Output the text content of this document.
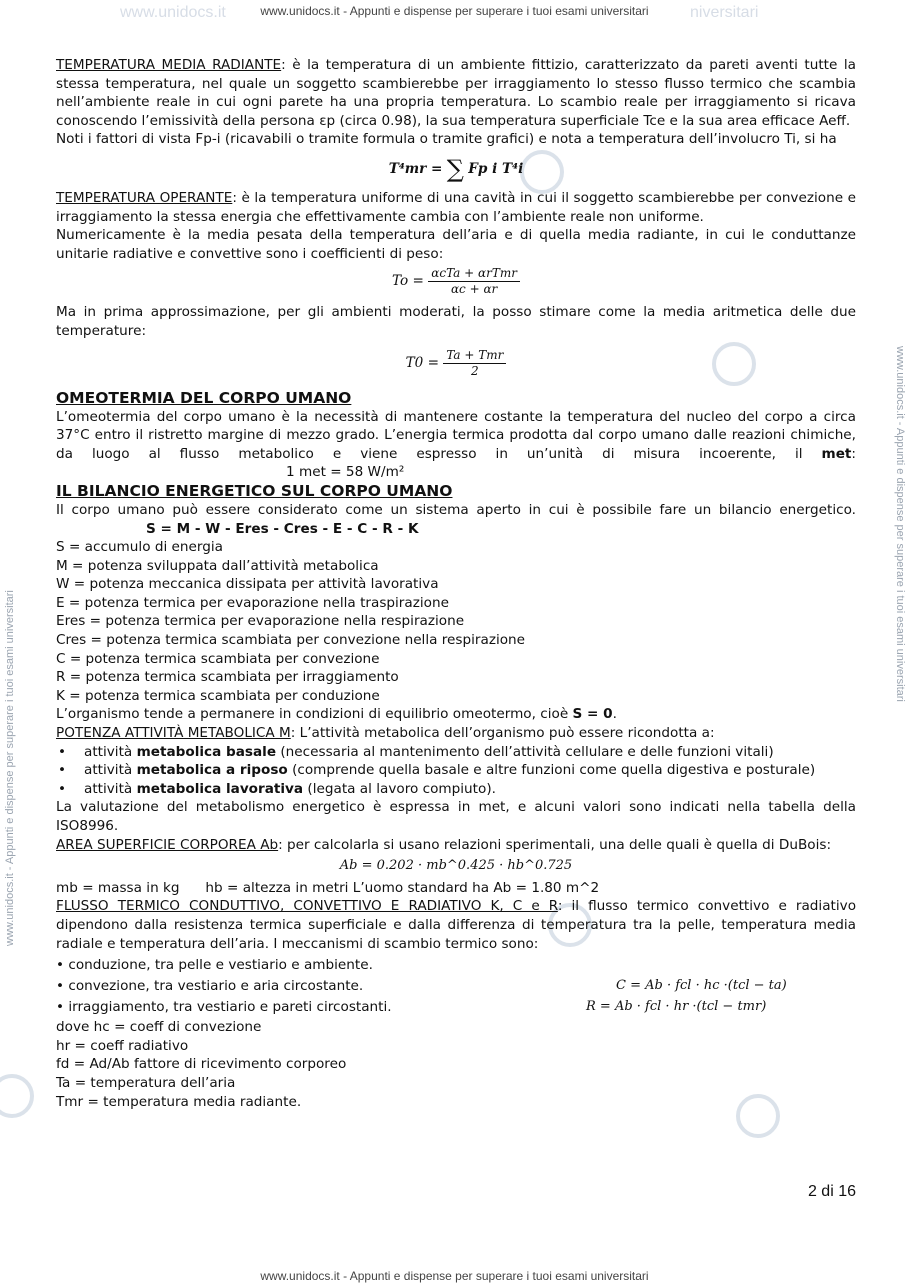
www.unidocs.it	niversitari
www.unidocs.it - Appunti e dispense per superare i tuoi esami universitari
www.unidocs.it - Appunti e dispense per superare i tuoi esami universitari
www.unidocs.it - Appunti e dispense per superare i tuoi esami universitari

TEMPERATURA MEDIA RADIANTE: è la temperatura di un ambiente fittizio, caratterizzato da pareti aventi tutte la stessa temperatura, nel quale un soggetto scambierebbe per irraggiamento lo stesso flusso termico che scambia nell’ambiente reale in cui ogni parete ha una propria temperatura. Lo scambio reale per irraggiamento si ricava conoscendo l’emissività della persona εp (circa 0.98), la sua temperatura superficiale Tce e la sua area efficace Aeff.

Noti i fattori di vista Fp-i (ricavabili o tramite formula o tramite grafici) e nota a temperatura dell’involucro Ti, si ha

T⁴mr = ∑ Fp i T⁴i

TEMPERATURA OPERANTE: è la temperatura uniforme di una cavità in cui il soggetto scambierebbe per convezione e irraggiamento la stessa energia che effettivamente cambia con l’ambiente reale non uniforme.

Numericamente è la media pesata della temperatura dell’aria e di quella media radiante, in cui le conduttanze unitarie radiative e convettive sono i coefficienti di peso:

$To = \frac{\text{αcTa + αrTmr}}{\alpha c + \alpha r}$

Ma in prima approssimazione, per gli ambienti moderati, la posso stimare come la media aritmetica delle due temperature:

$T0 = \frac{\text{Ta + Tmr}}{2}$
OMEOTERMIA DEL CORPO UMANO

L’omeotermia del corpo umano è la necessità di mantenere costante la temperatura del nucleo del corpo a circa 37°C entro il ristretto margine di mezzo grado. L’energia termica prodotta dal corpo umano dalle reazioni chimiche, da luogo al flusso metabolico e viene espresso in un’unità di misura incoerente, il met:1 met = 58 W/m²

IL BILANCIO ENERGETICO SUL CORPO UMANO

Il corpo umano può essere considerato come un sistema aperto in cui è possibile fare un bilancio energetico.S = M - W - Eres - Cres - E - C - R - K

S = accumulo di energia
M = potenza sviluppata dall’attività metabolica
W = potenza meccanica dissipata per attività lavorativa
E = potenza termica per evaporazione nella traspirazione
Eres = potenza termica per evaporazione nella respirazione
Cres = potenza termica scambiata per convezione nella respirazione
C = potenza termica scambiata per convezione
R = potenza termica scambiata per irraggiamento
K = potenza termica scambiata per conduzione

L’organismo tende a permanere in condizioni di equilibrio omeotermo, cioè S = 0.

POTENZA ATTIVITÀ METABOLICA M: L’attività metabolica dell’organismo può essere ricondotta a:

• attività metabolica basale (necessaria al mantenimento dell’attività cellulare e delle funzioni vitali)
• attività metabolica a riposo (comprende quella basale e altre funzioni come quella digestiva e posturale)
• attività metabolica lavorativa (legata al lavoro compiuto).

La valutazione del metabolismo energetico è espressa in met, e alcuni valori sono indicati nella tabella della ISO8996.

AREA SUPERFICIE CORPOREA Ab: per calcolarla si usano relazioni sperimentali, una delle quali è quella di DuBois:

Ab = 0.202 · mb^0.425 · hb^0.725

mb = massa in kg      hb = altezza in metri L’uomo standard ha Ab = 1.80 m^2

FLUSSO TERMICO CONDUTTIVO, CONVETTIVO E RADIATIVO K, C e R: il flusso termico convettivo e radiativo dipendono dalla resistenza termica superficiale e dalla differenza di temperatura tra la pelle, temperatura media radiale e temperatura dell’aria. I meccanismi di scambio termico sono:

• conduzione, tra pelle e vestiario e ambiente.
• convezione, tra vestiario e aria circostante.	C = Ab · fcl · hc ·(tcl − ta)
• irraggiamento, tra vestiario e pareti circostanti.	R = Ab · fcl · hr ·(tcl − tmr)
dove hc = coeff di convezione
hr = coeff radiativo
fd = Ad/Ab fattore di ricevimento corporeo
Ta = temperatura dell’aria
Tmr = temperatura media radiante.
2 di 16
www.unidocs.it - Appunti e dispense per superare i tuoi esami universitari
